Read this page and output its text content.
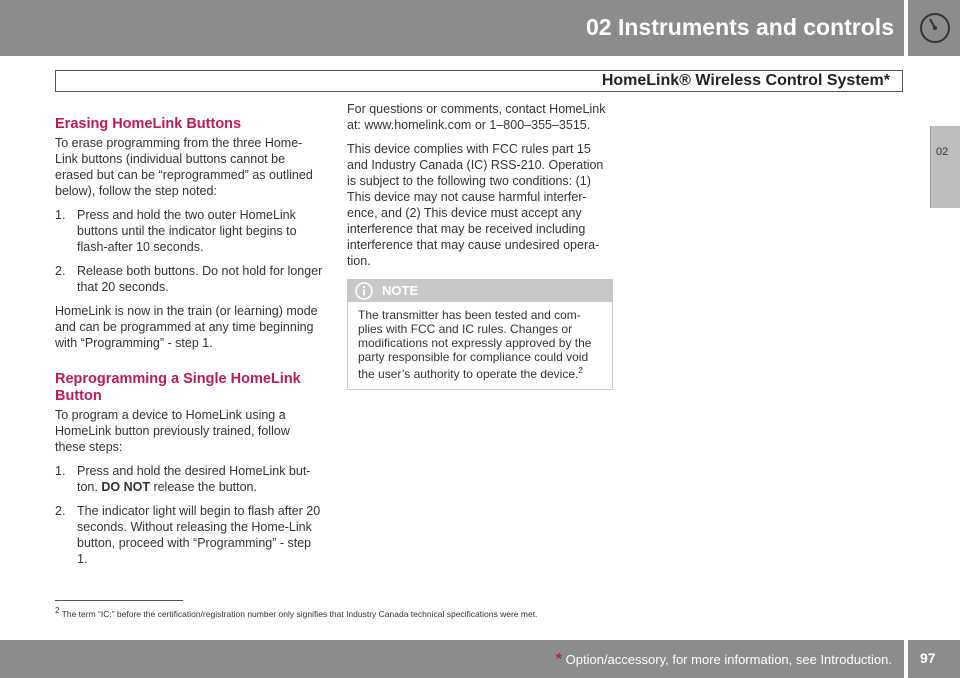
02 Instruments and controls
HomeLink® Wireless Control System*
02
Erasing HomeLink Buttons

To erase programming from the three Home-Link buttons (individual buttons cannot be erased but can be “reprogrammed” as outlined below), follow the step noted:

1. Press and hold the two outer HomeLink buttons until the indicator light begins to flash-after 10 seconds.
2. Release both buttons. Do not hold for longer that 20 seconds.

HomeLink is now in the train (or learning) mode and can be programmed at any time beginning with “Programming” - step 1.

Reprogramming a Single HomeLink Button

To program a device to HomeLink using a HomeLink button previously trained, follow these steps:

1. Press and hold the desired HomeLink but-ton. DO NOT release the button.
2. The indicator light will begin to flash after 20 seconds. Without releasing the Home-Link button, proceed with “Programming” - step 1.

For questions or comments, contact HomeLink at: www.homelink.com or 1–800–355–3515.

This device complies with FCC rules part 15 and Industry Canada (IC) RSS-210. Operation is subject to the following two conditions: (1) This device may not cause harmful interfer-ence, and (2) This device must accept any interference that may be received including interference that may cause undesired opera-tion.

NOTE
The transmitter has been tested and com-plies with FCC and IC rules. Changes or modifications not expressly approved by the party responsible for compliance could void the user’s authority to operate the device.$^2$
$^2$ The term “IC:” before the certification/registration number only signifies that Industry Canada technical specifications were met.
* Option/accessory, for more information, see Introduction. 97
